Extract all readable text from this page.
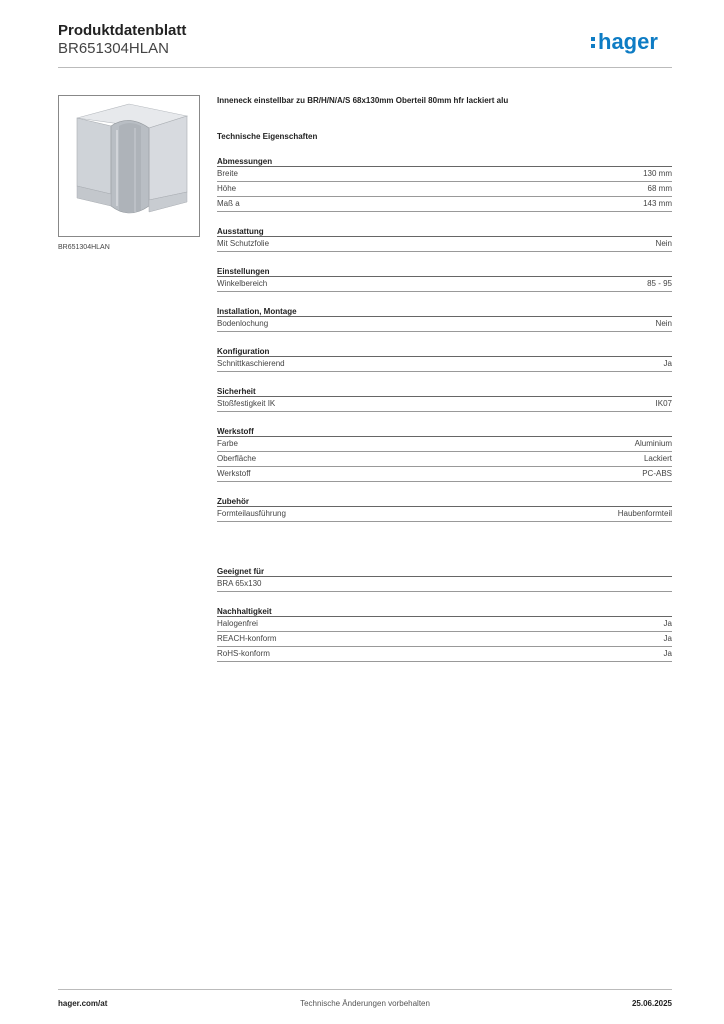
Produktdatenblatt
BR651304HLAN	hager
BR651304HLAN
Inneneck einstellbar zu BR/H/N/A/S 68x130mm Oberteil 80mm hfr lackiert alu
Technische Eigenschaften
Abmessungen
Breite	130 mm
Höhe	68 mm
Maß a	143 mm
Ausstattung
Mit Schutzfolie	Nein
Einstellungen
Winkelbereich	85 - 95
Installation, Montage
Bodenlochung	Nein
Konfiguration
Schnittkaschierend	Ja
Sicherheit
Stoßfestigkeit IK	IK07
Werkstoff
Farbe	Aluminium
Oberfläche	Lackiert
Werkstoff	PC-ABS
Zubehör
Formteilausführung	Haubenformteil
Geeignet für
BRA 65x130
Nachhaltigkeit
Halogenfrei	Ja
REACH-konform	Ja
RoHS-konform	Ja
Technische Änderungen vorbehalten
hager.com/at	25.06.2025
